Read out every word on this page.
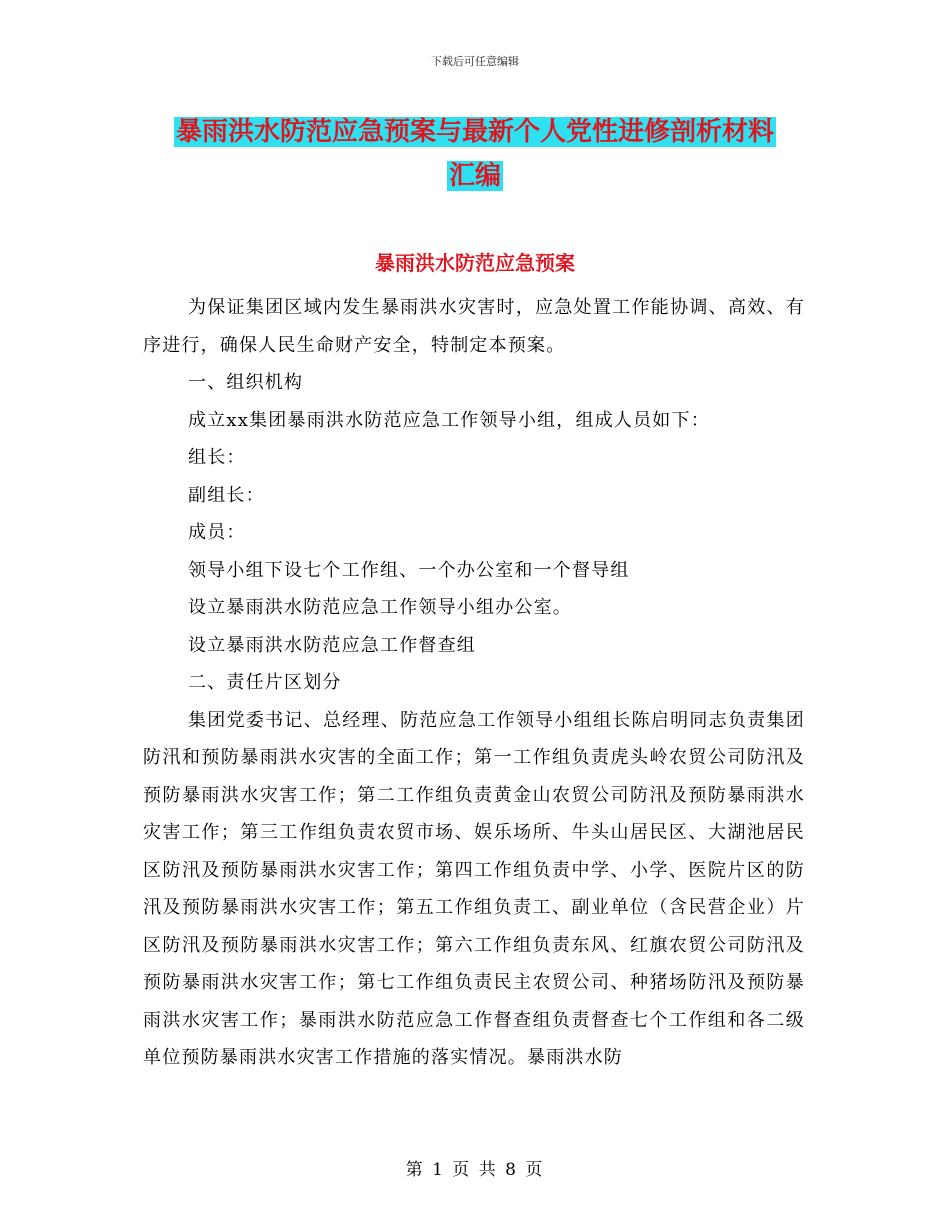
下载后可任意编辑
暴雨洪水防范应急预案与最新个人党性进修剖析材料
汇编
暴雨洪水防范应急预案

为保证集团区域内发生暴雨洪水灾害时，应急处置工作能协调、高效、有序进行，确保人民生命财产安全，特制定本预案。

一、组织机构

成立xx集团暴雨洪水防范应急工作领导小组，组成人员如下：

组长：

副组长：

成员：

领导小组下设七个工作组、一个办公室和一个督导组

设立暴雨洪水防范应急工作领导小组办公室。

设立暴雨洪水防范应急工作督查组

二、责任片区划分

集团党委书记、总经理、防范应急工作领导小组组长陈启明同志负责集团防汛和预防暴雨洪水灾害的全面工作；第一工作组负责虎头岭农贸公司防汛及预防暴雨洪水灾害工作；第二工作组负责黄金山农贸公司防汛及预防暴雨洪水灾害工作；第三工作组负责农贸市场、娱乐场所、牛头山居民区、大湖池居民区防汛及预防暴雨洪水灾害工作；第四工作组负责中学、小学、医院片区的防汛及预防暴雨洪水灾害工作；第五工作组负责工、副业单位（含民营企业）片区防汛及预防暴雨洪水灾害工作；第六工作组负责东风、红旗农贸公司防汛及预防暴雨洪水灾害工作；第七工作组负责民主农贸公司、种猪场防汛及预防暴雨洪水灾害工作；暴雨洪水防范应急工作督查组负责督查七个工作组和各二级单位预防暴雨洪水灾害工作措施的落实情况。暴雨洪水防

第 1 页 共 8 页
